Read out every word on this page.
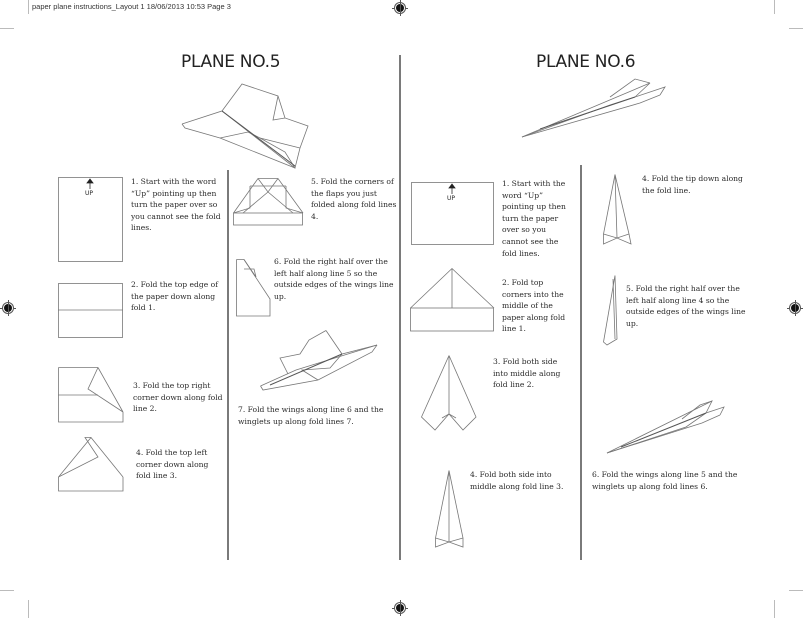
paper plane instructions_Layout 1 18/06/2013 10:53 Page 3
PLANE NO.5
UP
1. Start with the word “Up” pointing up then turn the paper over so you cannot see the fold lines.
2. Fold the top edge of the paper down along fold 1.
3. Fold the top right corner down along fold line 2.
4. Fold the top left corner down along fold line 3.
5. Fold the corners of the flaps you just folded along fold lines 4.
6. Fold the right half over the left half along line 5 so the outside edges of the wings line up.
7. Fold the wings along line 6 and the winglets up along fold lines 7.
PLANE NO.6
UP
1. Start with the word “Up” pointing up then turn the paper over so you cannot see the fold lines.
2. Fold top corners into the middle of the paper along fold line 1.
3. Fold both side into middle along fold line 2.
4. Fold both side into middle along fold line 3.
4. Fold the tip down along the fold line.
5. Fold the right half over the left half along line 4 so the outside edges of the wings line up.
6. Fold the wings along line 5 and the winglets up along fold lines 6.
